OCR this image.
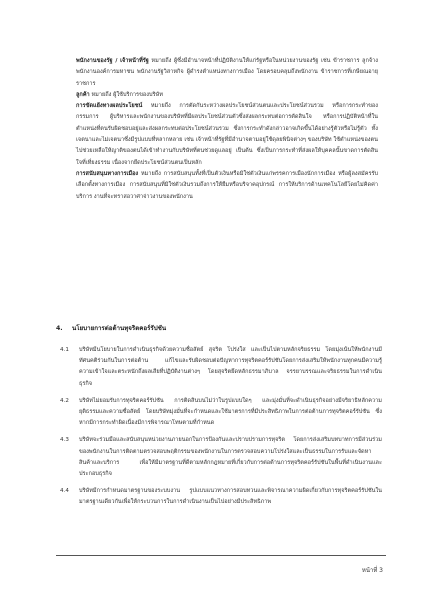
พนักงานของรัฐ / เจ้าหน้าที่รัฐ หมายถึง ผู้ซึ่งมีอำนาจหน้าที่ปฏิบัติงานให้แก่รัฐหรือในหน่วยงานของรัฐ เช่น ข้าราชการ ลูกจ้าง พนักงานองค์การมหาชน พนักงานรัฐวิสาหกิจ ผู้ดำรงตำแหน่งทางการเมือง โดยครอบคลุมถึงพนักงาน ข้าราชการที่เกษียณอายุราชการ

ลูกค้า หมายถึง ผู้ใช้บริการของบริษัท

การขัดแย้งทางผลประโยชน์ หมายถึง การตัดกันระหว่างผลประโยชน์ส่วนตนและประโยชน์ส่วนรวม หรือการกระทำของ กรรมการ ผู้บริหารและพนักงานของบริษัทที่มีผลประโยชน์ส่วนตัวซึ่งส่งผลกระทบต่อการตัดสินใจ หรือการปฏิบัติหน้าที่ในตำแหน่งที่ตนรับผิดชอบอยู่และส่งผลกระทบต่อประโยชน์ส่วนรวม ซึ่งการกระทำดังกล่าวอาจเกิดขึ้นได้อย่างรู้ตัวหรือไม่รู้ตัว ทั้งเจตนาและไม่เจตนาซึ่งมีรูปแบบที่หลากหลาย เช่น เจ้าหน้าที่รัฐที่มีอำนาจตามอยู่ใช้ดุลยพินิจต่างๆ ของบริษัท ใช้ตำแหน่งของตนไปช่วยเหลือให้ญาติของตนได้เข้าทำงานกับบริษัทที่ตนช่วยดูแลอยู่ เป็นต้น ซึ่งเป็นการกระทำที่ส่งผลให้บุคคลนั้นขาดการตัดสินใจที่เที่ยงธรรม เนื่องจากยึดประโยชน์ส่วนตนเป็นหลัก

การสนับสนุนทางการเมือง หมายถึง การสนับสนุนทั้งที่เป็นตัวเงินหรือมิใช่ตัวเงินแก่พรรคการเมืองนักการเมือง หรือผู้ลงสมัครรับเลือกตั้งทางการเมือง การสนับสนุนที่มิใช่ตัวเงินรวมถึงการให้ยืมหรือบริจาคอุปกรณ์ การให้บริการด้านเทคโนโลยีโดยไม่คิดค่าบริการ งานที่จะทราสอวาศาจ่าวงานของพนักงาน

4. นโยบายการต่อต้านทุจริตคอร์รัปชัน
4.1 บริษัทมีนโยบายในการดำเนินธุรกิจด้วยความซื่อสัตย์ สุจริต โปร่งใส และเป็นไปตามหลักจริยธรรม โดยมุ่งเน้นให้พนักงานมีทัศนคติร่วมกันในการต่อต้าน แก้ไขและรับผิดชอบต่อปัญหาการทุจริตคอร์รัปชันโดยการส่งเสริมให้พนักงานทุกคนมีความรู้ ความเข้าใจและตระหนักถึงผลเสียที่ปฏิบัติงานต่างๆ โดยสุจริตยึดหลักธรรมาภิบาล จรรยาบรรณและจริยธรรมในการดำเนินธุรกิจ
4.2 บริษัทไม่ยอมรับการทุจริตคอร์รัปชัน การติดสินบนไม่ว่าในรูปแบบใดๆ และมุ่งมั่นที่จะดำเนินธุรกิจอย่างมีจริยาธิหลักความยุติธรรมและความซื่อสัตย์ โดยบริษัทมุ่งมั่นที่จะกำหนดและใช้มาตรการที่มีประสิทธิภาพในการต่อต้านการทุจริตคอร์รัปชัน ซึ่งหากมีการกระทำผิดเนื่องมีการพิจารณาโทษตามที่กำหนด
4.3 บริษัทจะร่วมมือและสนับสนุนหน่วยงานภายนอกในการป้องกันและปราบปรามการทุจริต โดยการส่งเสริมบทบาทการมีส่วนร่วมของพนักงานในการติดตามตรวจสอบพฤติกรรมของพนักงานในการตรวจสอบความโปร่งใสและเป็นธรรมในการรับและจัดหาสินค้าและบริการ เพื่อให้มีมาตรฐานที่ดีตามหลักกฎหมายที่เกี่ยวกับการต่อต้านการทุจริตคอร์รัปชันในพื้นที่ดำเนินงานและประกอบธุรกิจ
4.4 บริษัทมีการกำหนดมาตรฐานของระบบงาน รูปแบบแนวทางการสอบทวนและพิจารณาความผิดเกี่ยวกับการทุจริตคอร์รัปชันในมาตรฐานเดียวกันเพื่อให้กระบวนการในการดำเนินงานเป็นไปอย่างมีประสิทธิภาพ
หน้าที่ 3
